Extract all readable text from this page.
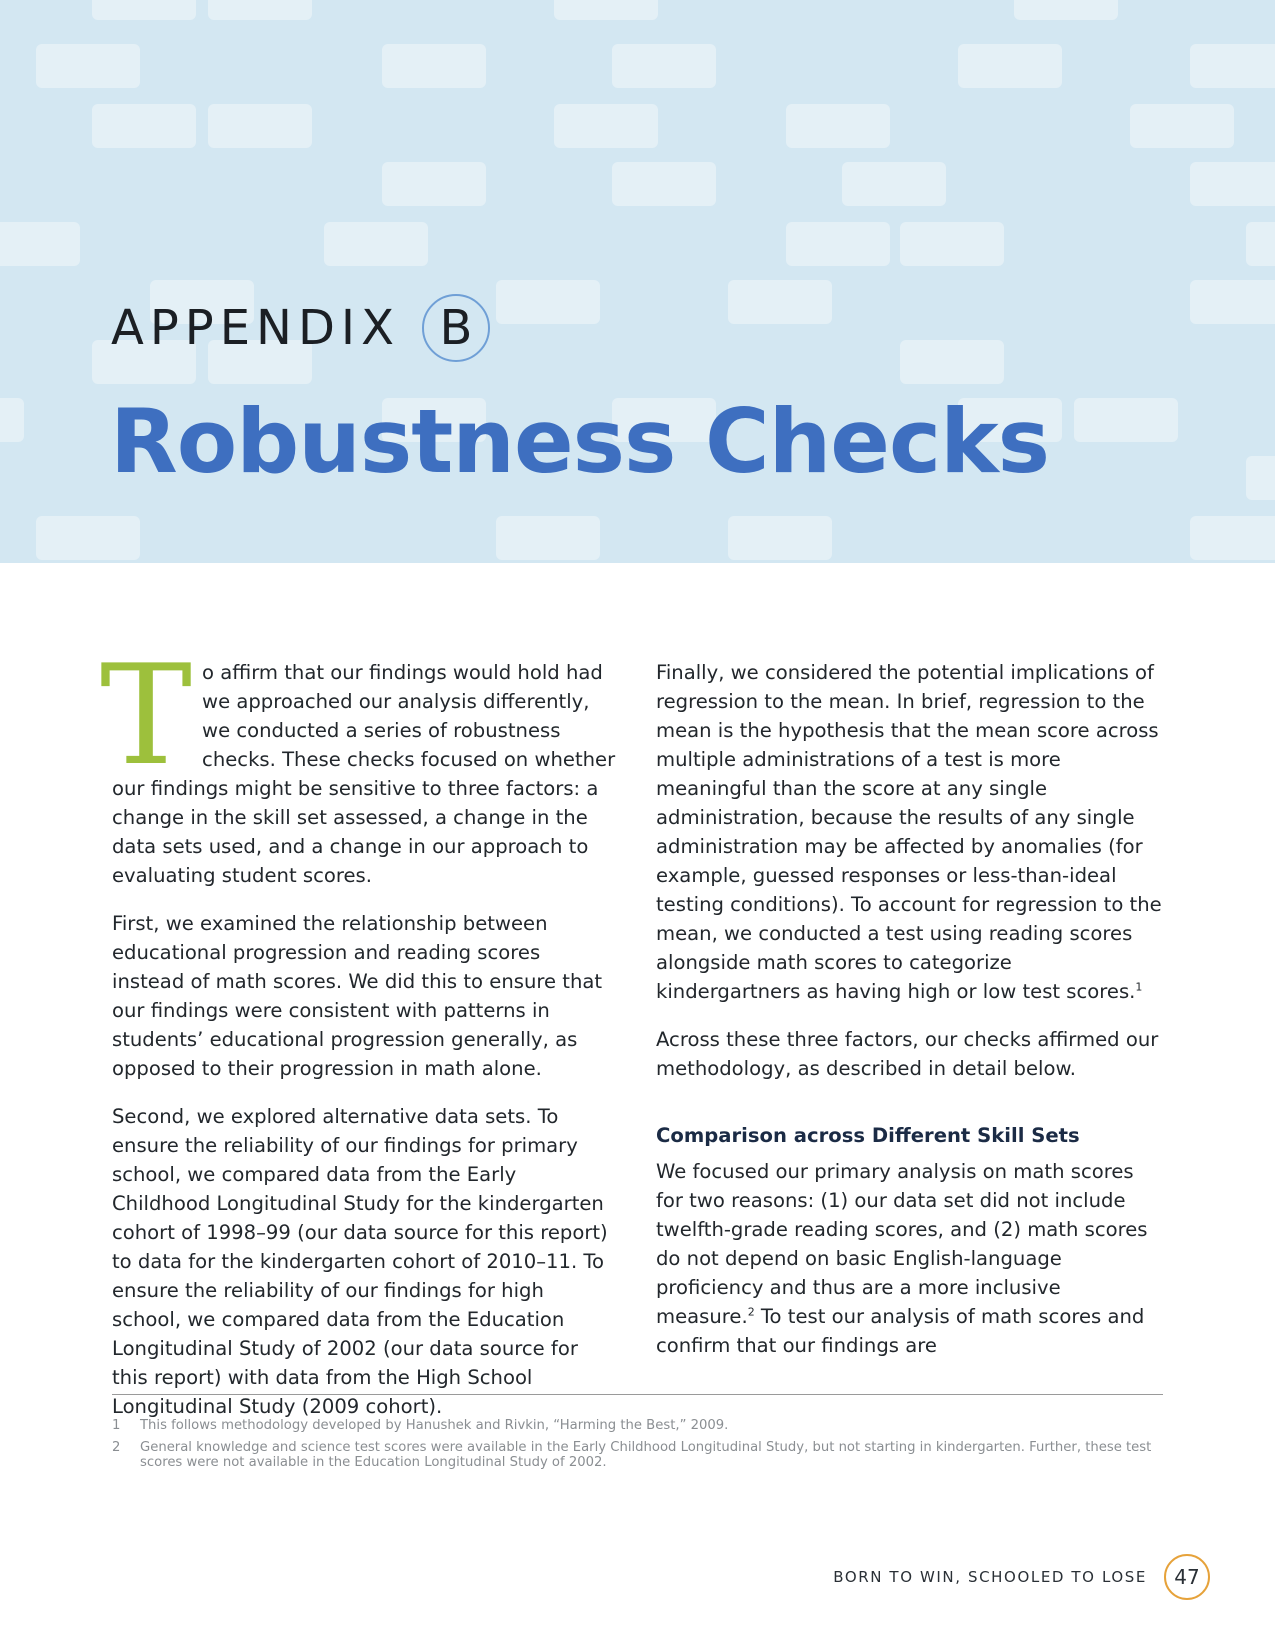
APPENDIX B
Robustness Checks

To affirm that our findings would hold had we approached our analysis differently, we conducted a series of robustness checks. These checks focused on whether our findings might be sensitive to three factors: a change in the skill set assessed, a change in the data sets used, and a change in our approach to evaluating student scores.

First, we examined the relationship between educational progression and reading scores instead of math scores. We did this to ensure that our findings were consistent with patterns in students’ educational progression generally, as opposed to their progression in math alone.

Second, we explored alternative data sets. To ensure the reliability of our findings for primary school, we compared data from the Early Childhood Longitudinal Study for the kindergarten cohort of 1998–99 (our data source for this report) to data for the kindergarten cohort of 2010–11. To ensure the reliability of our findings for high school, we compared data from the Education Longitudinal Study of 2002 (our data source for this report) with data from the High School Longitudinal Study (2009 cohort).

Finally, we considered the potential implications of regression to the mean. In brief, regression to the mean is the hypothesis that the mean score across multiple administrations of a test is more meaningful than the score at any single administration, because the results of any single administration may be affected by anomalies (for example, guessed responses or less-than-ideal testing conditions). To account for regression to the mean, we conducted a test using reading scores alongside math scores to categorize kindergartners as having high or low test scores.$^1$

Across these three factors, our checks affirmed our methodology, as described in detail below.

Comparison across Different Skill Sets

We focused our primary analysis on math scores for two reasons: (1) our data set did not include twelfth-grade reading scores, and (2) math scores do not depend on basic English-language proficiency and thus are a more inclusive measure.$^2$ To test our analysis of math scores and confirm that our findings are

1	This follows methodology developed by Hanushek and Rivkin, “Harming the Best,” 2009.
2	General knowledge and science test scores were available in the Early Childhood Longitudinal Study, but not starting in kindergarten. Further, these test scores were not available in the Education Longitudinal Study of 2002.
BORN TO WIN, SCHOOLED TO LOSE	47
